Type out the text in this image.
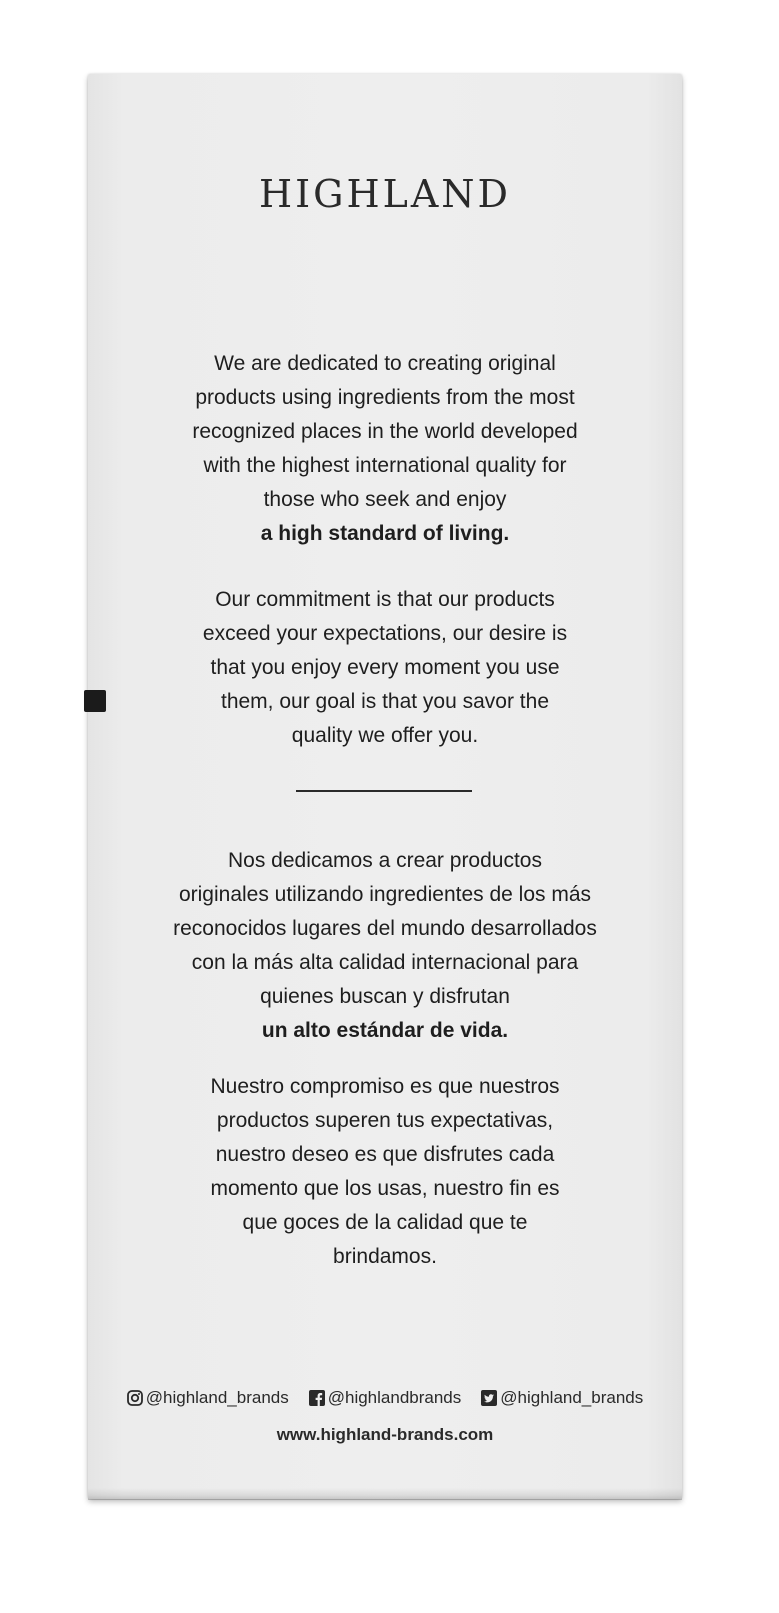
HIGHLAND
We are dedicated to creating original
products using ingredients from the most
recognized places in the world developed
with the highest international quality for
those who seek and enjoy
a high standard of living.
Our commitment is that our products
exceed your expectations, our desire is
that you enjoy every moment you use
them, our goal is that you savor the
quality we offer you.
Nos dedicamos a crear productos
originales utilizando ingredientes de los más
reconocidos lugares del mundo desarrollados
con la más alta calidad internacional para
quienes buscan y disfrutan
un alto estándar de vida.
Nuestro compromiso es que nuestros
productos superen tus expectativas,
nuestro deseo es que disfrutes cada
momento que los usas, nuestro fin es
que goces de la calidad que te
brindamos.
@highland_brands @highlandbrands @highland_brands
www.highland-brands.com
